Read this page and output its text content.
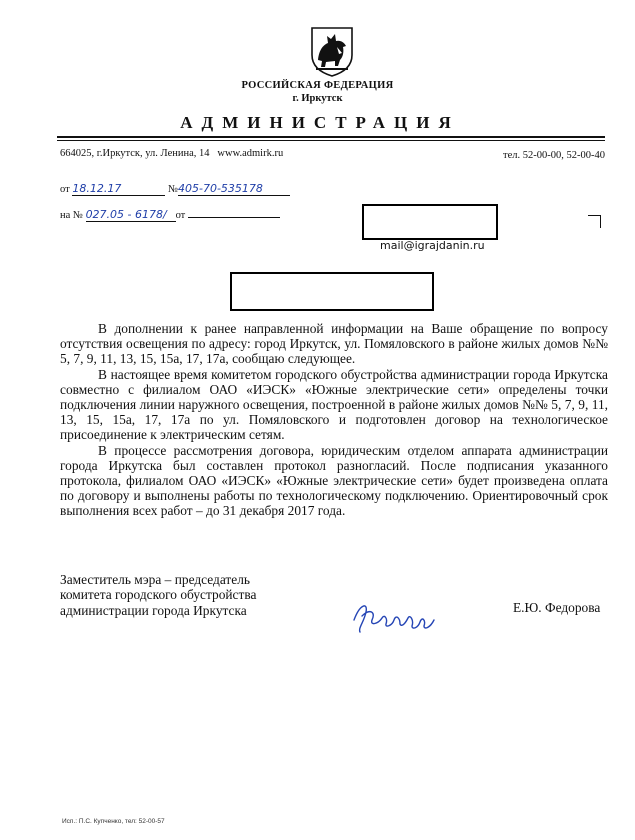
РОССИЙСКАЯ ФЕДЕРАЦИЯ
г. Иркутск
АДМИНИСТРАЦИЯ
664025, г.Иркутск, ул. Ленина, 14 www.admirk.ru	тел. 52-00-00, 52-00-40
от 18.12.17	№405-70-535178
на № 027.05 - 6178/ от
mail@igrajdanin.ru

В дополнении к ранее направленной информации на Ваше обращение по вопросу отсутствия освещения по адресу: город Иркутск, ул. Помяловского в районе жилых домов №№ 5, 7, 9, 11, 13, 15, 15а, 17, 17а, сообщаю следующее.

В настоящее время комитетом городского обустройства администрации города Иркутска совместно с филиалом ОАО «ИЭСК» «Южные электрические сети» определены точки подключения линии наружного освещения, построенной в районе жилых домов №№ 5, 7, 9, 11, 13, 15, 15а, 17, 17а по ул. Помяловского и подготовлен договор на технологическое присоединение к электрическим сетям.

В процессе рассмотрения договора, юридическим отделом аппарата администрации города Иркутска был составлен протокол разногласий. После подписания указанного протокола, филиалом ОАО «ИЭСК» «Южные электрические сети» будет произведена оплата по договору и выполнены работы по технологическому подключению. Ориентировочный срок выполнения всех работ – до 31 декабря 2017 года.

Заместитель мэра – председатель
комитета городского обустройства
администрации города Иркутска	Е.Ю. Федорова
Исп.: П.С. Купченко, тел: 52-00-57
